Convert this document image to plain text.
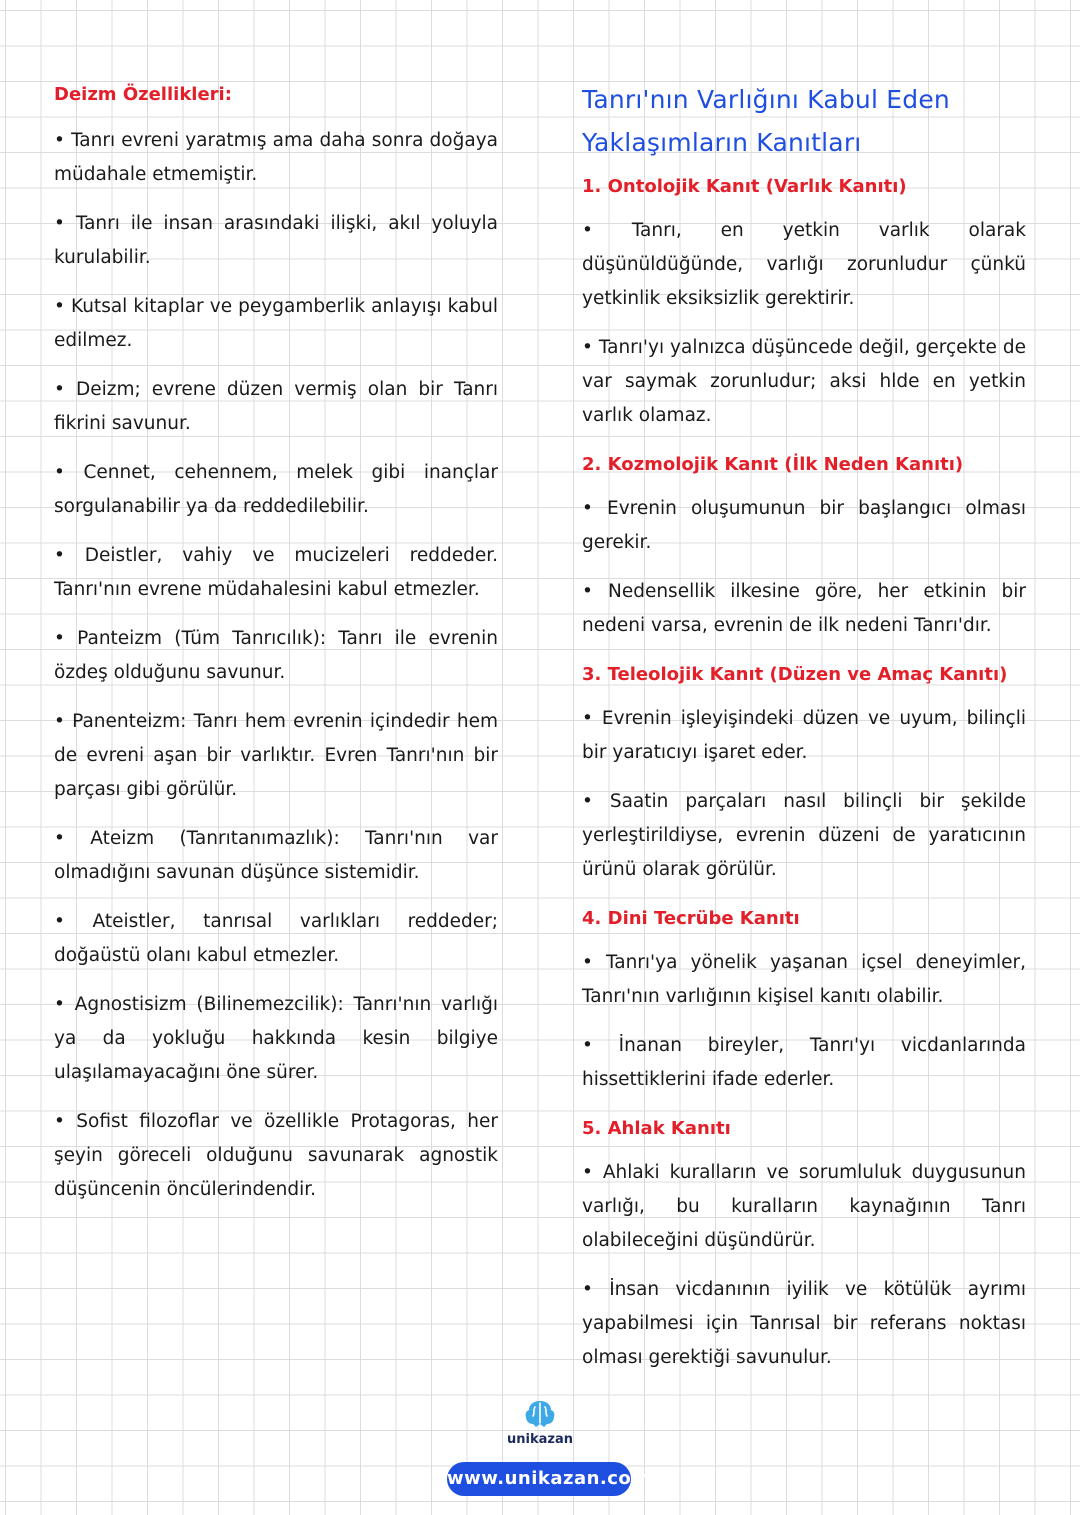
Deizm Özellikleri:

• Tanrı evreni yaratmış ama daha sonra doğaya müdahale etmemiştir.

• Tanrı ile insan arasındaki ilişki, akıl yoluyla kurulabilir.

• Kutsal kitaplar ve peygamberlik anlayışı kabul edilmez.

• Deizm; evrene düzen vermiş olan bir Tanrı fikrini savunur.

• Cennet, cehennem, melek gibi inançlar sorgulanabilir ya da reddedilebilir.

• Deistler, vahiy ve mucizeleri reddeder. Tanrı'nın evrene müdahalesini kabul etmezler.

• Panteizm (Tüm Tanrıcılık): Tanrı ile evrenin özdeş olduğunu savunur.

• Panenteizm: Tanrı hem evrenin içindedir hem de evreni aşan bir varlıktır. Evren Tanrı'nın bir parçası gibi görülür.

• Ateizm (Tanrıtanımazlık): Tanrı'nın var olmadığını savunan düşünce sistemidir.

• Ateistler, tanrısal varlıkları reddeder; doğaüstü olanı kabul etmezler.

• Agnostisizm (Bilinemezcilik): Tanrı'nın varlığı ya da yokluğu hakkında kesin bilgiye ulaşılamayacağını öne sürer.

• Sofist filozoflar ve özellikle Protagoras, her şeyin göreceli olduğunu savunarak agnostik düşüncenin öncülerindendir.

Tanrı'nın Varlığını Kabul Eden
Yaklaşımların Kanıtları
1. Ontolojik Kanıt (Varlık Kanıtı)

• Tanrı, en yetkin varlık olarak düşünüldüğünde, varlığı zorunludur çünkü yetkinlik eksiksizlik gerektirir.

• Tanrı'yı yalnızca düşüncede değil, gerçekte de var saymak zorunludur; aksi hlde en yetkin varlık olamaz.

2. Kozmolojik Kanıt (İlk Neden Kanıtı)

• Evrenin oluşumunun bir başlangıcı olması gerekir.

• Nedensellik ilkesine göre, her etkinin bir nedeni varsa, evrenin de ilk nedeni Tanrı'dır.

3. Teleolojik Kanıt (Düzen ve Amaç Kanıtı)

• Evrenin işleyişindeki düzen ve uyum, bilinçli bir yaratıcıyı işaret eder.

• Saatin parçaları nasıl bilinçli bir şekilde yerleştirildiyse, evrenin düzeni de yaratıcının ürünü olarak görülür.

4. Dini Tecrübe Kanıtı

• Tanrı'ya yönelik yaşanan içsel deneyimler, Tanrı'nın varlığının kişisel kanıtı olabilir.

• İnanan bireyler, Tanrı'yı vicdanlarında hissettiklerini ifade ederler.

5. Ahlak Kanıtı

• Ahlaki kuralların ve sorumluluk duygusunun varlığı, bu kuralların kaynağının Tanrı olabileceğini düşündürür.

• İnsan vicdanının iyilik ve kötülük ayrımı yapabilmesi için Tanrısal bir referans noktası olması gerektiği savunulur.

unikazan
www.unikazan.com
